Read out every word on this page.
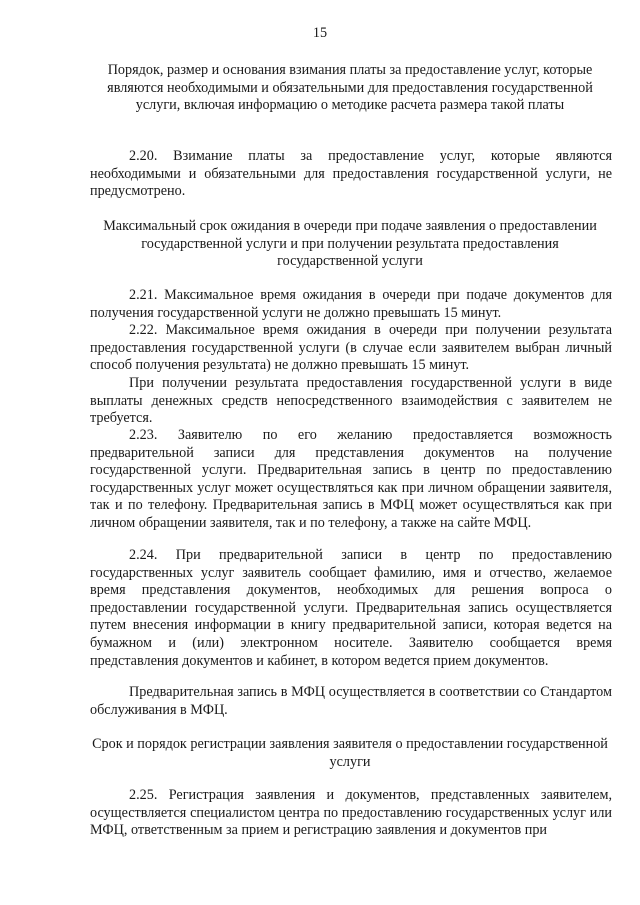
15
Порядок, размер и основания взимания платы за предоставление услуг, которые являются необходимыми и обязательными для предоставления государственной услуги, включая информацию о методике расчета размера такой платы
2.20. Взимание платы за предоставление услуг, которые являются необходимыми и обязательными для предоставления государственной услуги, не предусмотрено.
Максимальный срок ожидания в очереди при подаче заявления о предоставлении государственной услуги и при получении результата предоставления государственной услуги
2.21. Максимальное время ожидания в очереди при подаче документов для получения государственной услуги не должно превышать 15 минут.
2.22. Максимальное время ожидания в очереди при получении результата предоставления государственной услуги (в случае если заявителем выбран личный способ получения результата) не должно превышать 15 минут.
При получении результата предоставления государственной услуги в виде выплаты денежных средств непосредственного взаимодействия с заявителем не требуется.
2.23. Заявителю по его желанию предоставляется возможность предварительной записи для представления документов на получение государственной услуги. Предварительная запись в центр по предоставлению государственных услуг может осуществляться как при личном обращении заявителя, так и по телефону. Предварительная запись в МФЦ может осуществляться как при личном обращении заявителя, так и по телефону, а также на сайте МФЦ.
2.24. При предварительной записи в центр по предоставлению государственных услуг заявитель сообщает фамилию, имя и отчество, желаемое время представления документов, необходимых для решения вопроса о предоставлении государственной услуги. Предварительная запись осуществляется путем внесения информации в книгу предварительной записи, которая ведется на бумажном и (или) электронном носителе. Заявителю сообщается время представления документов и кабинет, в котором ведется прием документов.
Предварительная запись в МФЦ осуществляется в соответствии со Стандартом обслуживания в МФЦ.
Срок и порядок регистрации заявления заявителя о предоставлении государственной услуги
2.25. Регистрация заявления и документов, представленных заявителем, осуществляется специалистом центра по предоставлению государственных услуг или МФЦ, ответственным за прием и регистрацию заявления и документов при
